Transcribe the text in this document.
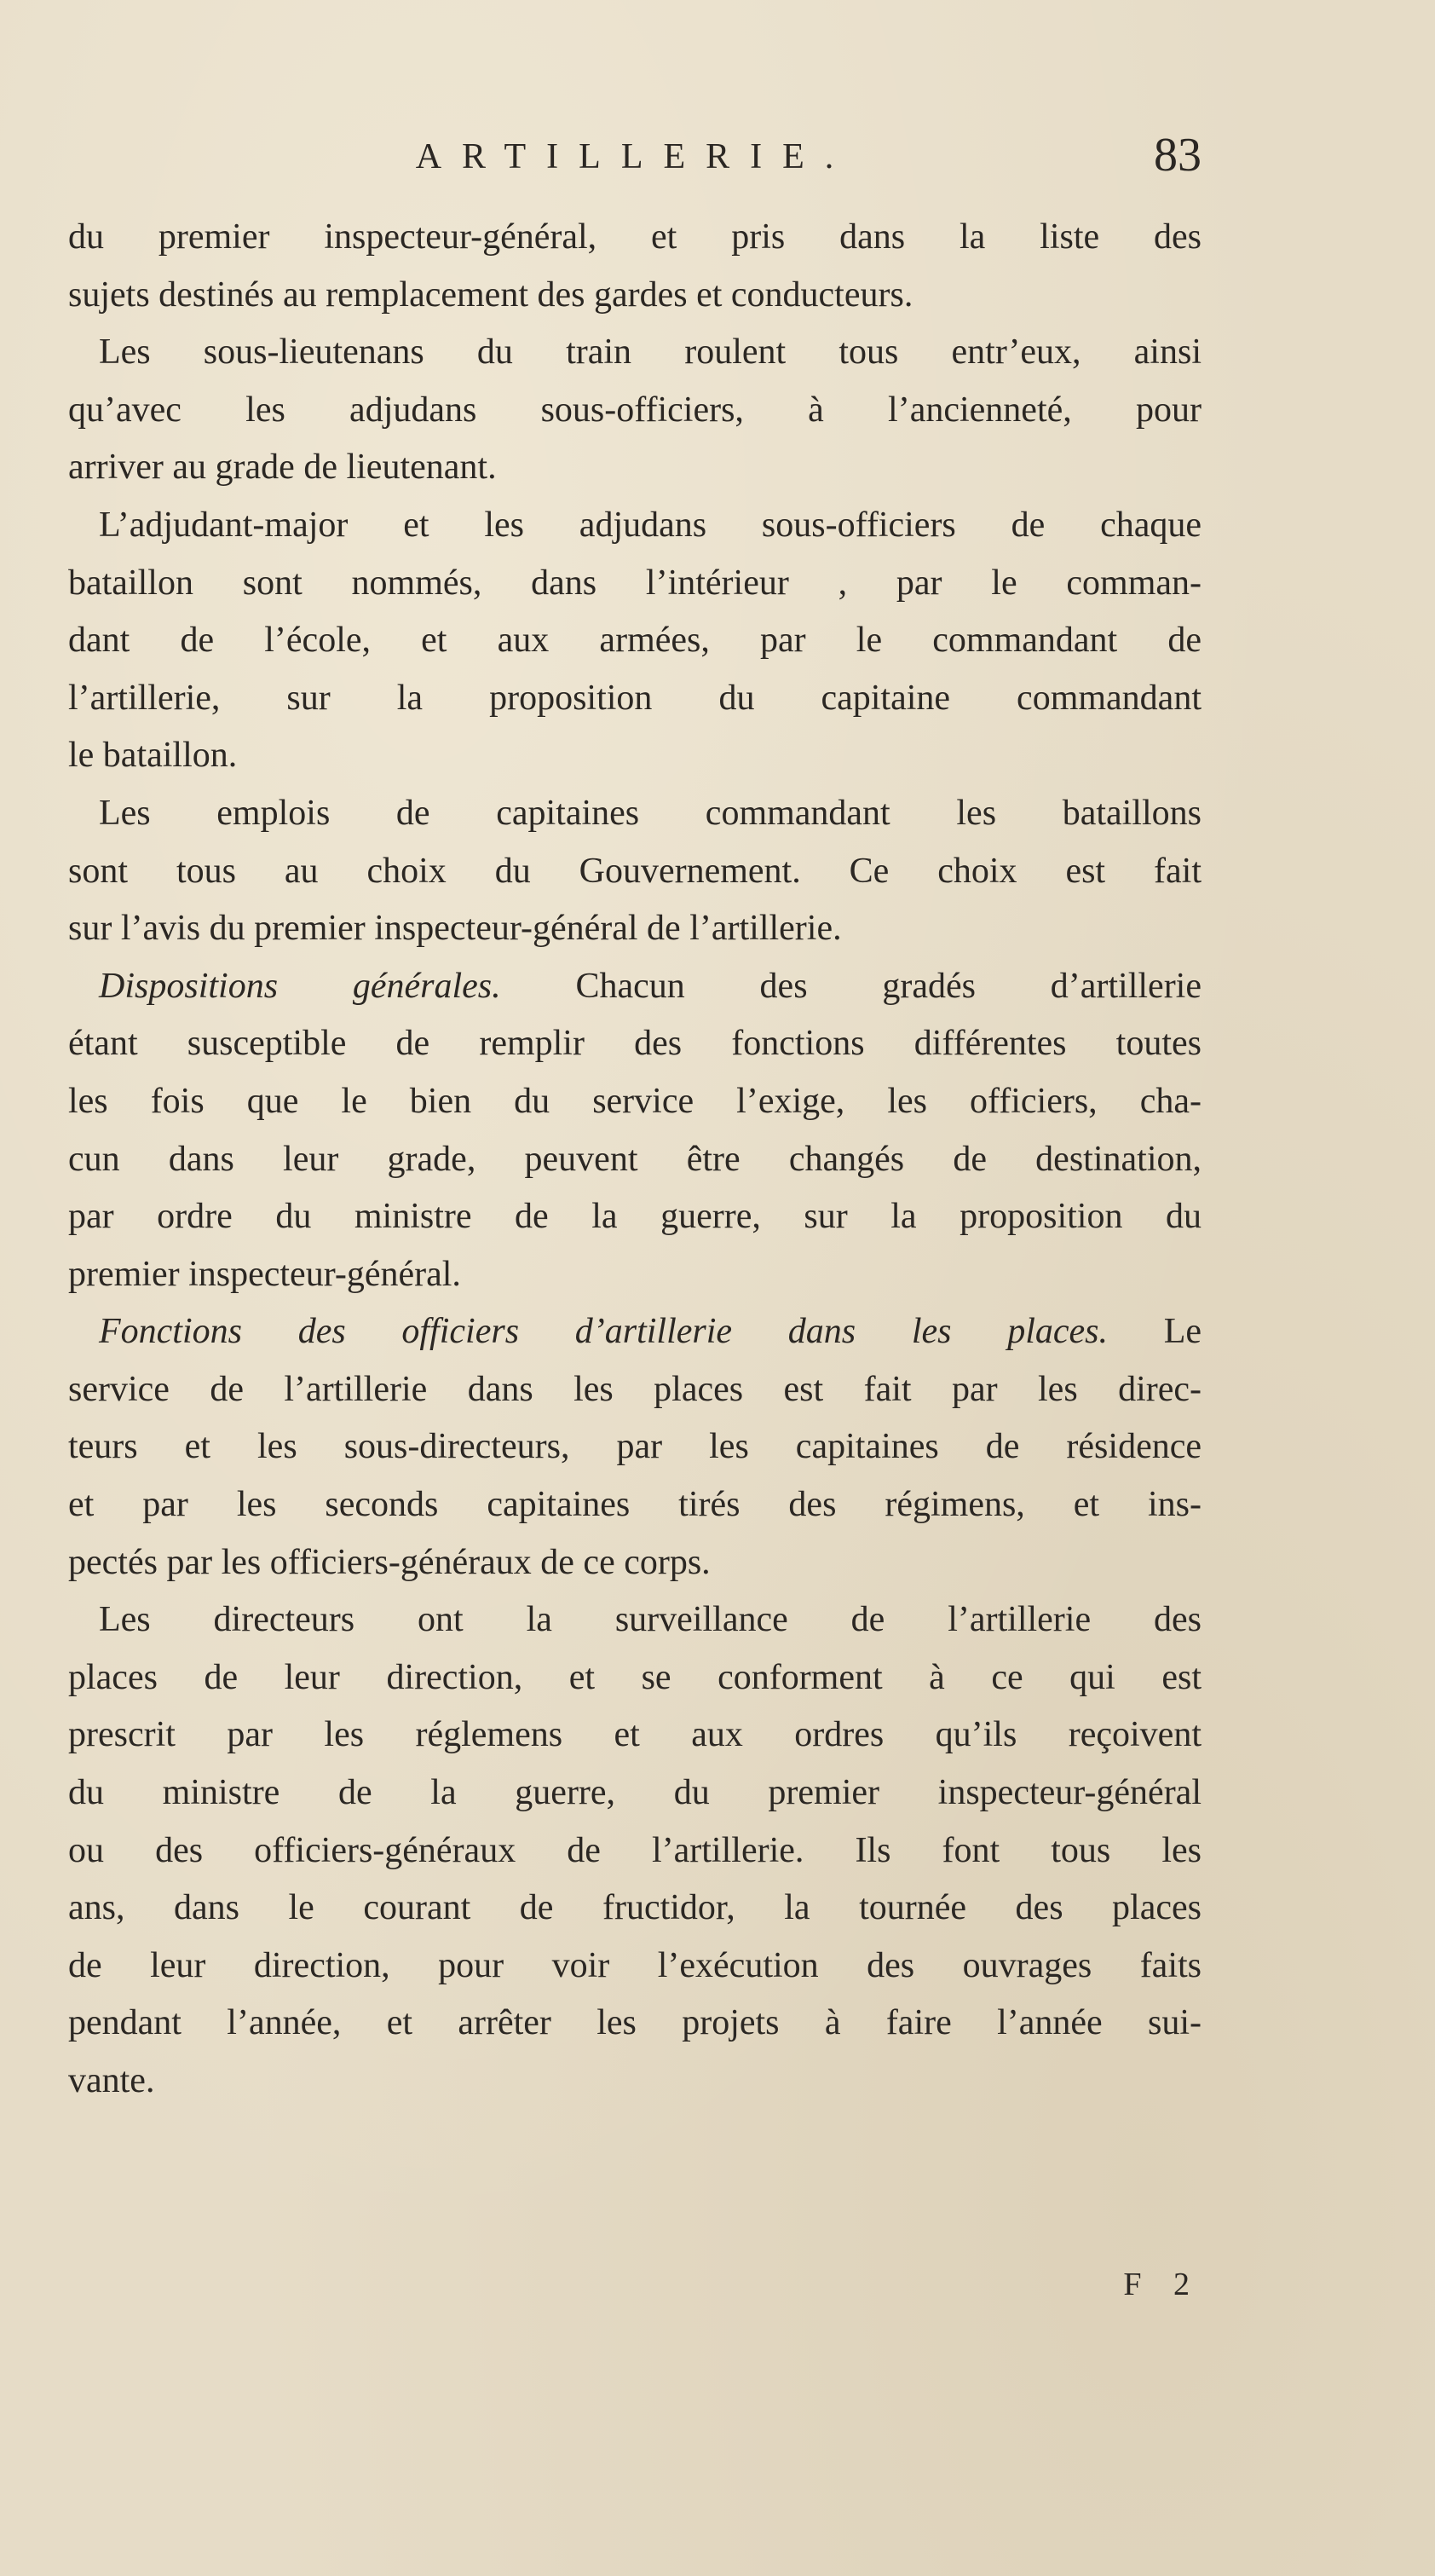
ARTILLERIE.	83
du premier inspecteur-général, et pris dans la liste des
sujets destinés au remplacement des gardes et conducteurs.
Les sous-lieutenans du train roulent tous entr’eux, ainsi
qu’avec les adjudans sous-officiers, à l’ancienneté, pour
arriver au grade de lieutenant.
L’adjudant-major et les adjudans sous-officiers de chaque
bataillon sont nommés, dans l’intérieur , par le comman-
dant de l’école, et aux armées, par le commandant de
l’artillerie, sur la proposition du capitaine commandant
le bataillon.
Les emplois de capitaines commandant les bataillons
sont tous au choix du Gouvernement. Ce choix est fait
sur l’avis du premier inspecteur-général de l’artillerie.
Dispositions générales. Chacun des gradés d’artillerie
étant susceptible de remplir des fonctions différentes toutes
les fois que le bien du service l’exige, les officiers, cha-
cun dans leur grade, peuvent être changés de destination,
par ordre du ministre de la guerre, sur la proposition du
premier inspecteur-général.
Fonctions des officiers d’artillerie dans les places. Le
service de l’artillerie dans les places est fait par les direc-
teurs et les sous-directeurs, par les capitaines de résidence
et par les seconds capitaines tirés des régimens, et ins-
pectés par les officiers-généraux de ce corps.
Les directeurs ont la surveillance de l’artillerie des
places de leur direction, et se conforment à ce qui est
prescrit par les réglemens et aux ordres qu’ils reçoivent
du ministre de la guerre, du premier inspecteur-général
ou des officiers-généraux de l’artillerie. Ils font tous les
ans, dans le courant de fructidor, la tournée des places
de leur direction, pour voir l’exécution des ouvrages faits
pendant l’année, et arrêter les projets à faire l’année sui-
vante.
F 2
